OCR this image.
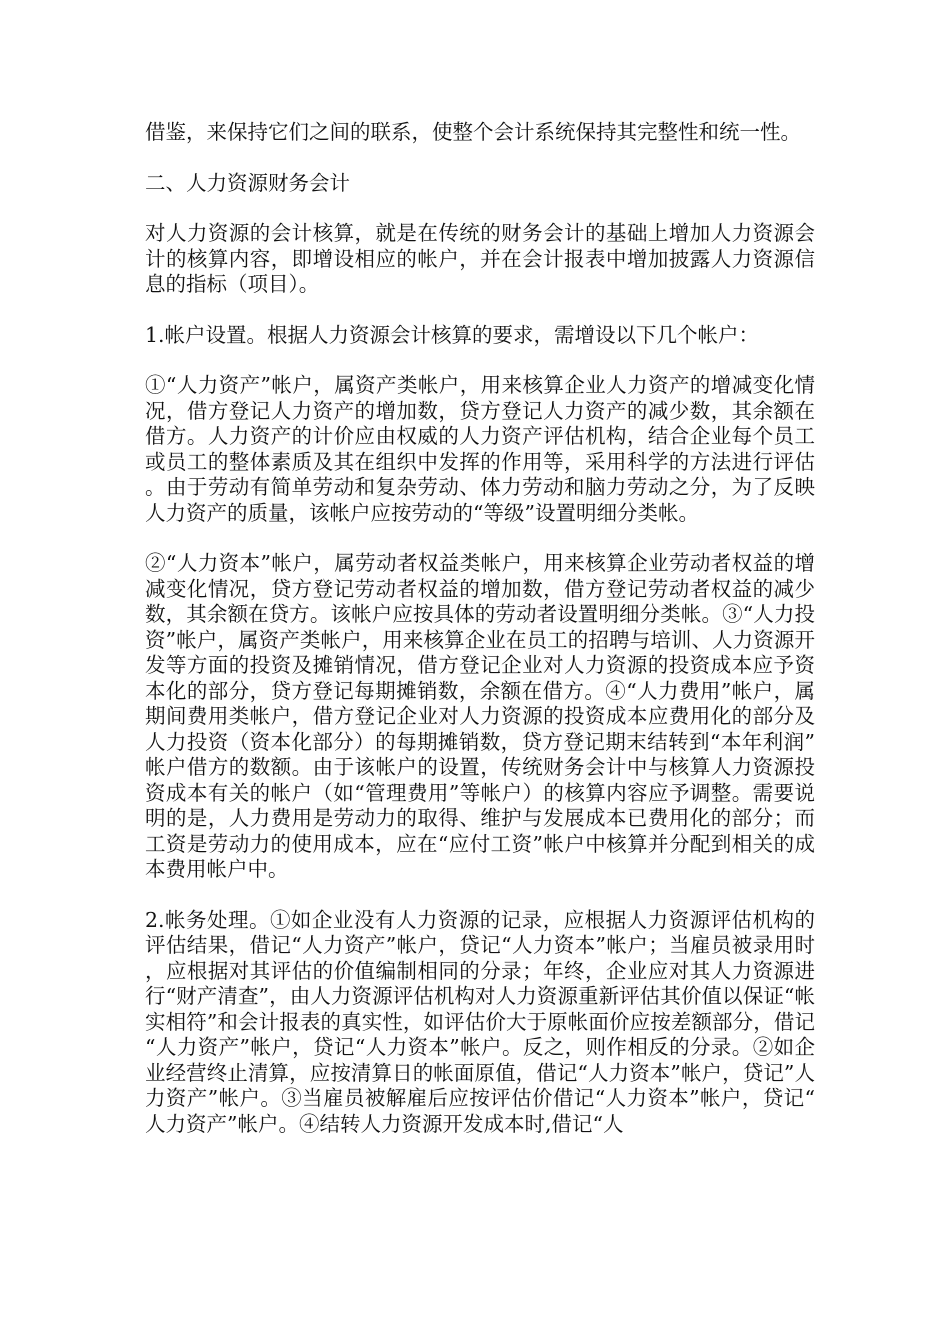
借鉴，来保持它们之间的联系，使整个会计系统保持其完整性和统一性。

二、人力资源财务会计

对人力资源的会计核算，就是在传统的财务会计的基础上增加人力资源会计的核算内容，即增设相应的帐户，并在会计报表中增加披露人力资源信息的指标（项目）。

1.帐户设置。根据人力资源会计核算的要求，需增设以下几个帐户：

①“人力资产”帐户，属资产类帐户，用来核算企业人力资产的增减变化情况，借方登记人力资产的增加数，贷方登记人力资产的减少数，其余额在借方。人力资产的计价应由权威的人力资产评估机构，结合企业每个员工或员工的整体素质及其在组织中发挥的作用等，采用科学的方法进行评估。由于劳动有简单劳动和复杂劳动、体力劳动和脑力劳动之分，为了反映人力资产的质量，该帐户应按劳动的“等级”设置明细分类帐。

②“人力资本”帐户，属劳动者权益类帐户，用来核算企业劳动者权益的增减变化情况，贷方登记劳动者权益的增加数，借方登记劳动者权益的减少数，其余额在贷方。该帐户应按具体的劳动者设置明细分类帐。③“人力投资”帐户，属资产类帐户，用来核算企业在员工的招聘与培训、人力资源开发等方面的投资及摊销情况，借方登记企业对人力资源的投资成本应予资本化的部分，贷方登记每期摊销数，余额在借方。④“人力费用”帐户，属期间费用类帐户，借方登记企业对人力资源的投资成本应费用化的部分及人力投资（资本化部分）的每期摊销数，贷方登记期末结转到“本年利润”帐户借方的数额。由于该帐户的设置，传统财务会计中与核算人力资源投资成本有关的帐户（如“管理费用”等帐户）的核算内容应予调整。需要说明的是，人力费用是劳动力的取得、维护与发展成本已费用化的部分；而工资是劳动力的使用成本，应在“应付工资”帐户中核算并分配到相关的成本费用帐户中。

2.帐务处理。①如企业没有人力资源的记录，应根据人力资源评估机构的评估结果，借记“人力资产”帐户，贷记“人力资本”帐户；当雇员被录用时，应根据对其评估的价值编制相同的分录；年终，企业应对其人力资源进行“财产清查”，由人力资源评估机构对人力资源重新评估其价值以保证“帐实相符”和会计报表的真实性，如评估价大于原帐面价应按差额部分，借记“人力资产”帐户，贷记“人力资本”帐户。反之，则作相反的分录。②如企业经营终止清算，应按清算日的帐面原值，借记“人力资本”帐户，贷记”人力资产”帐户。③当雇员被解雇后应按评估价借记“人力资本”帐户，贷记“人力资产”帐户。④结转人力资源开发成本时,借记“人
